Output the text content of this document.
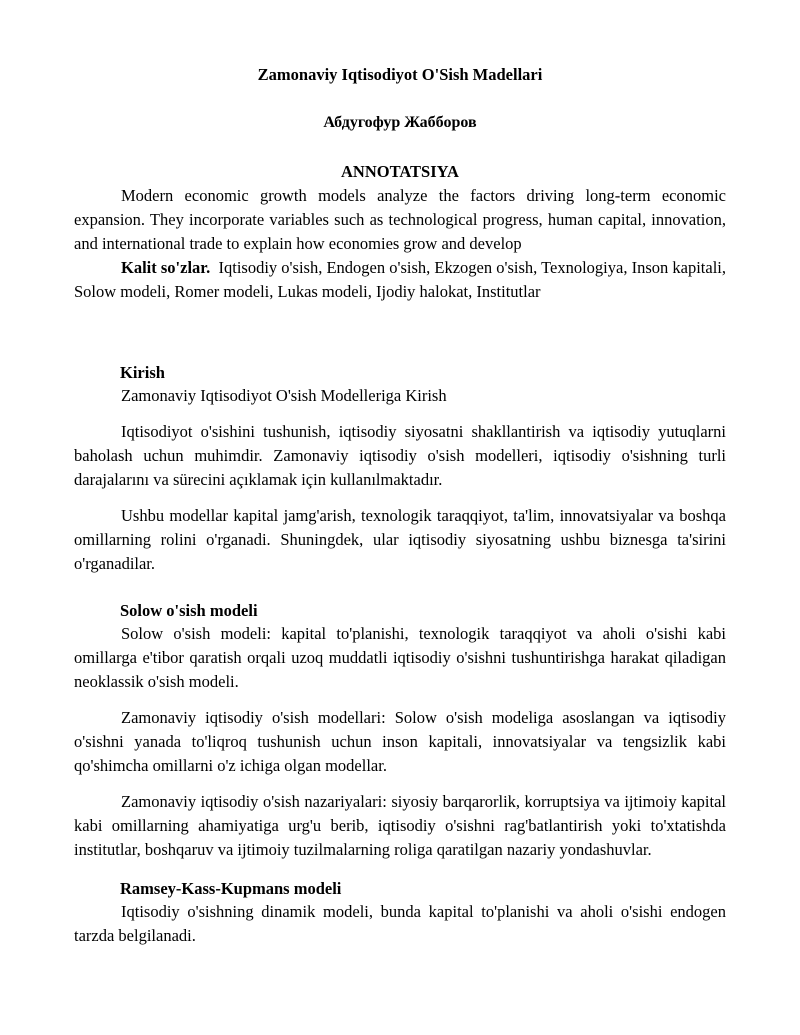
Zamonaviy Iqtisodiyot O'Sish Madellari

Абдугофур Жабборов

ANNOTATSIYA

Modern economic growth models analyze the factors driving long-term economic expansion. They incorporate variables such as technological progress, human capital, innovation, and international trade to explain how economies grow and develop

Kalit so'zlar. Iqtisodiy o'sish, Endogen o'sish, Ekzogen o'sish, Texnologiya, Inson kapitali, Solow modeli, Romer modeli, Lukas modeli, Ijodiy halokat, Institutlar

Kirish

Zamonaviy Iqtisodiyot O'sish Modelleriga Kirish

Iqtisodiyot o'sishini tushunish, iqtisodiy siyosatni shakllantirish va iqtisodiy yutuqlarni baholash uchun muhimdir. Zamonaviy iqtisodiy o'sish modelleri, iqtisodiy o'sishning turli darajalarını va sürecini açıklamak için kullanılmaktadır.

Ushbu modellar kapital jamg'arish, texnologik taraqqiyot, ta'lim, innovatsiyalar va boshqa omillarning rolini o'rganadi. Shuningdek, ular iqtisodiy siyosatning ushbu biznesga ta'sirini o'rganadilar.

Solow o'sish modeli

Solow o'sish modeli: kapital to'planishi, texnologik taraqqiyot va aholi o'sishi kabi omillarga e'tibor qaratish orqali uzoq muddatli iqtisodiy o'sishni tushuntirishga harakat qiladigan neoklassik o'sish modeli.

Zamonaviy iqtisodiy o'sish modellari: Solow o'sish modeliga asoslangan va iqtisodiy o'sishni yanada to'liqroq tushunish uchun inson kapitali, innovatsiyalar va tengsizlik kabi qo'shimcha omillarni o'z ichiga olgan modellar.

Zamonaviy iqtisodiy o'sish nazariyalari: siyosiy barqarorlik, korruptsiya va ijtimoiy kapital kabi omillarning ahamiyatiga urg'u berib, iqtisodiy o'sishni rag'batlantirish yoki to'xtatishda institutlar, boshqaruv va ijtimoiy tuzilmalarning roliga qaratilgan nazariy yondashuvlar.

Ramsey-Kass-Kupmans modeli

Iqtisodiy o'sishning dinamik modeli, bunda kapital to'planishi va aholi o'sishi endogen tarzda belgilanadi.
